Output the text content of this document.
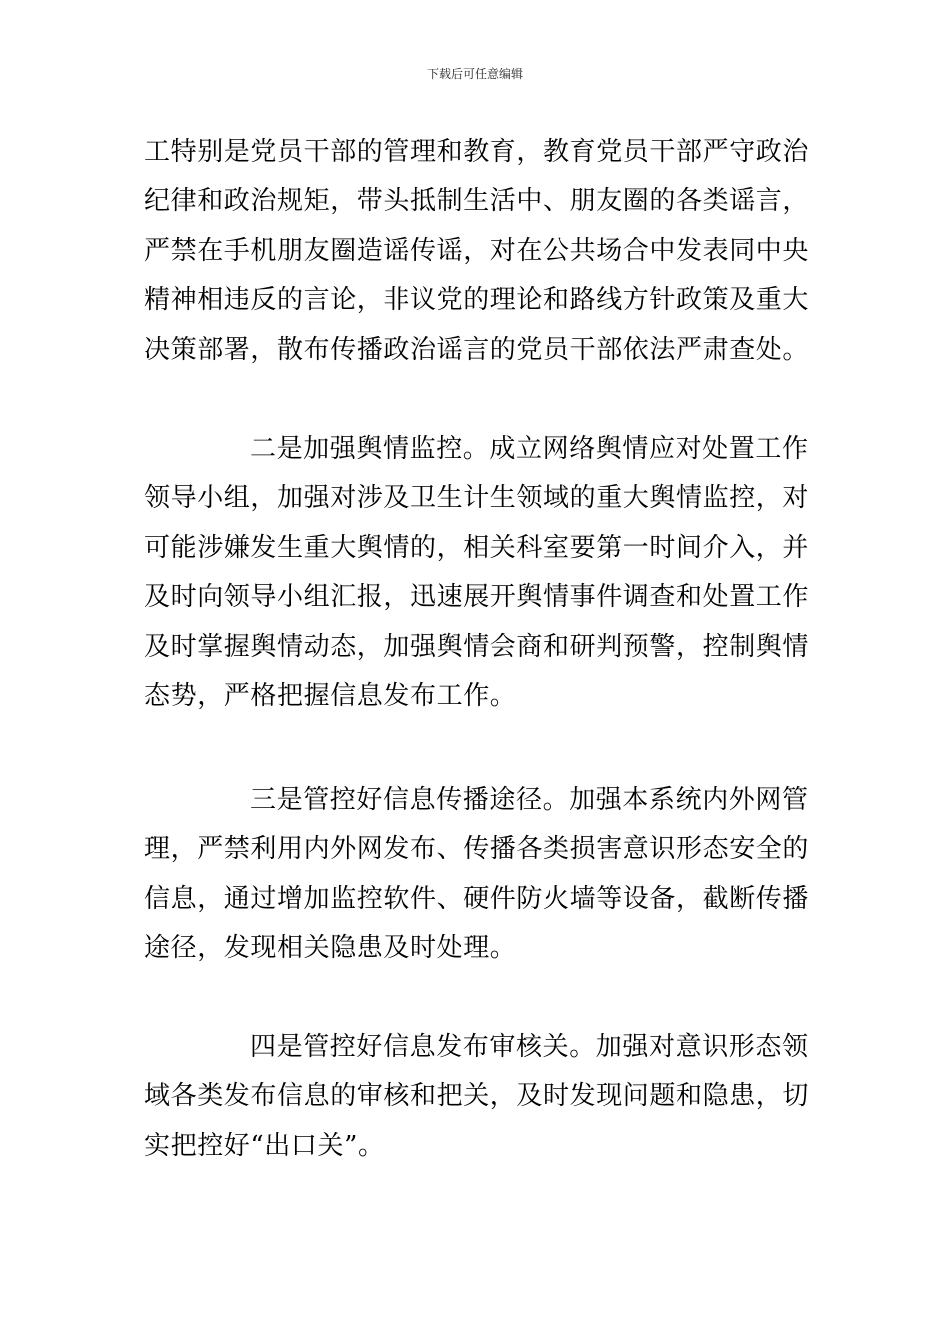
下载后可任意编辑
工特别是党员干部的管理和教育，教育党员干部严守政治
纪律和政治规矩，带头抵制生活中、朋友圈的各类谣言，
严禁在手机朋友圈造谣传谣，对在公共场合中发表同中央
精神相违反的言论，非议党的理论和路线方针政策及重大
决策部署，散布传播政治谣言的党员干部依法严肃查处。
二是加强舆情监控。成立网络舆情应对处置工作
领导小组，加强对涉及卫生计生领域的重大舆情监控，对
可能涉嫌发生重大舆情的，相关科室要第一时间介入，并
及时向领导小组汇报，迅速展开舆情事件调查和处置工作
及时掌握舆情动态，加强舆情会商和研判预警，控制舆情
态势，严格把握信息发布工作。
三是管控好信息传播途径。加强本系统内外网管
理，严禁利用内外网发布、传播各类损害意识形态安全的
信息，通过增加监控软件、硬件防火墙等设备，截断传播
途径，发现相关隐患及时处理。
四是管控好信息发布审核关。加强对意识形态领
域各类发布信息的审核和把关，及时发现问题和隐患，切
实把控好“出口关”。
